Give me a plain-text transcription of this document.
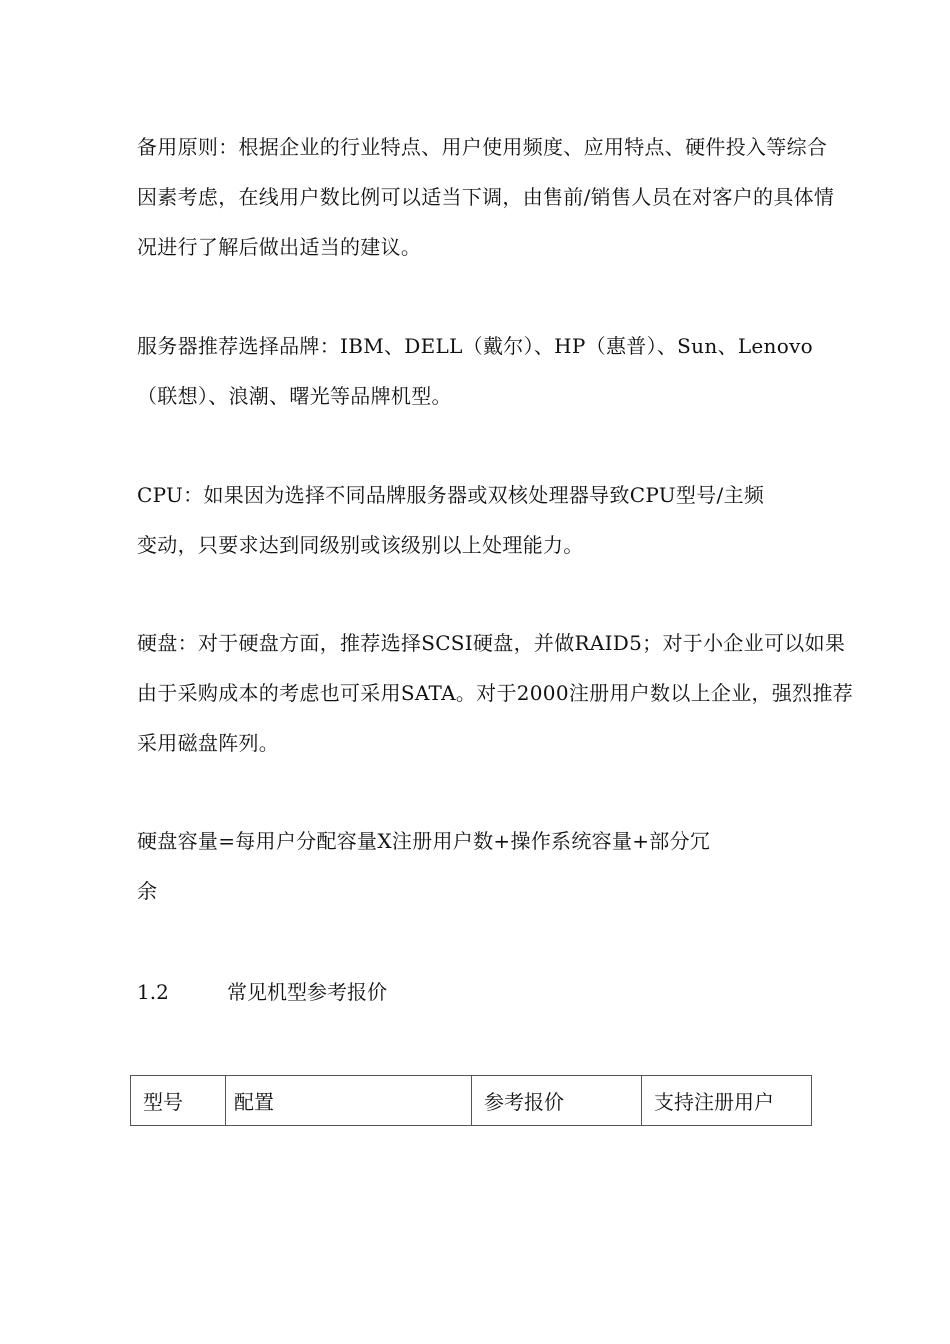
备用原则：根据企业的行业特点、用户使用频度、应用特点、硬件投入等综合
因素考虑，在线用户数比例可以适当下调，由售前/销售人员在对客户的具体情
况进行了解后做出适当的建议。
服务器推荐选择品牌：IBM、DELL（戴尔）、HP（惠普）、Sun、Lenovo
（联想）、浪潮、曙光等品牌机型。
CPU：如果因为选择不同品牌服务器或双核处理器导致CPU型号/主频
变动，只要求达到同级别或该级别以上处理能力。
硬盘：对于硬盘方面，推荐选择SCSI硬盘，并做RAID5；对于小企业可以如果
由于采购成本的考虑也可采用SATA。对于2000注册用户数以上企业，强烈推荐
采用磁盘阵列。
硬盘容量=每用户分配容量X注册用户数+操作系统容量+部分冗
余
1.2	常见机型参考报价
型号	配置	参考报价	支持注册用户
